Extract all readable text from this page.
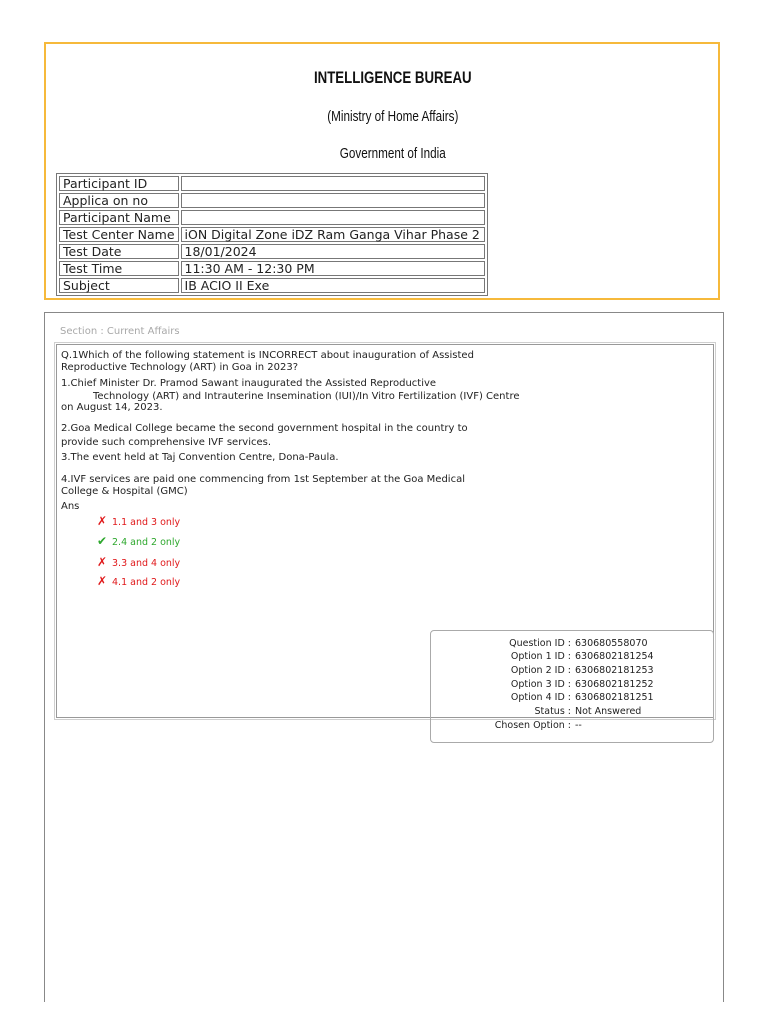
INTELLIGENCE BUREAU
(Ministry of Home Affairs)
Government of India
Participant ID	
Applica on no	
Participant Name	
Test Center Name	iON Digital Zone iDZ Ram Ganga Vihar Phase 2
Test Date	18/01/2024
Test Time	11:30 AM - 12:30 PM
Subject	IB ACIO II Exe
Section : Current Affairs
Q.1Which of the following statement is INCORRECT about inauguration of Assisted
Reproductive Technology (ART) in Goa in 2023?
1.Chief Minister Dr. Pramod Sawant inaugurated the Assisted Reproductive
Technology (ART) and Intrauterine Insemination (IUI)/In Vitro Fertilization (IVF) Centre
on August 14, 2023.
2.Goa Medical College became the second government hospital in the country to
provide such comprehensive IVF services.
3.The event held at Taj Convention Centre, Dona-Paula.
4.IVF services are paid one commencing from 1st September at the Goa Medical
College & Hospital (GMC)
Ans
✗ 1.1 and 3 only
✔ 2.4 and 2 only
✗ 3.3 and 4 only
✗ 4.1 and 2 only
Question ID : 630680558070
Option 1 ID : 6306802181254
Option 2 ID : 6306802181253
Option 3 ID : 6306802181252
Option 4 ID : 6306802181251
Status : Not Answered
Chosen Option : --
